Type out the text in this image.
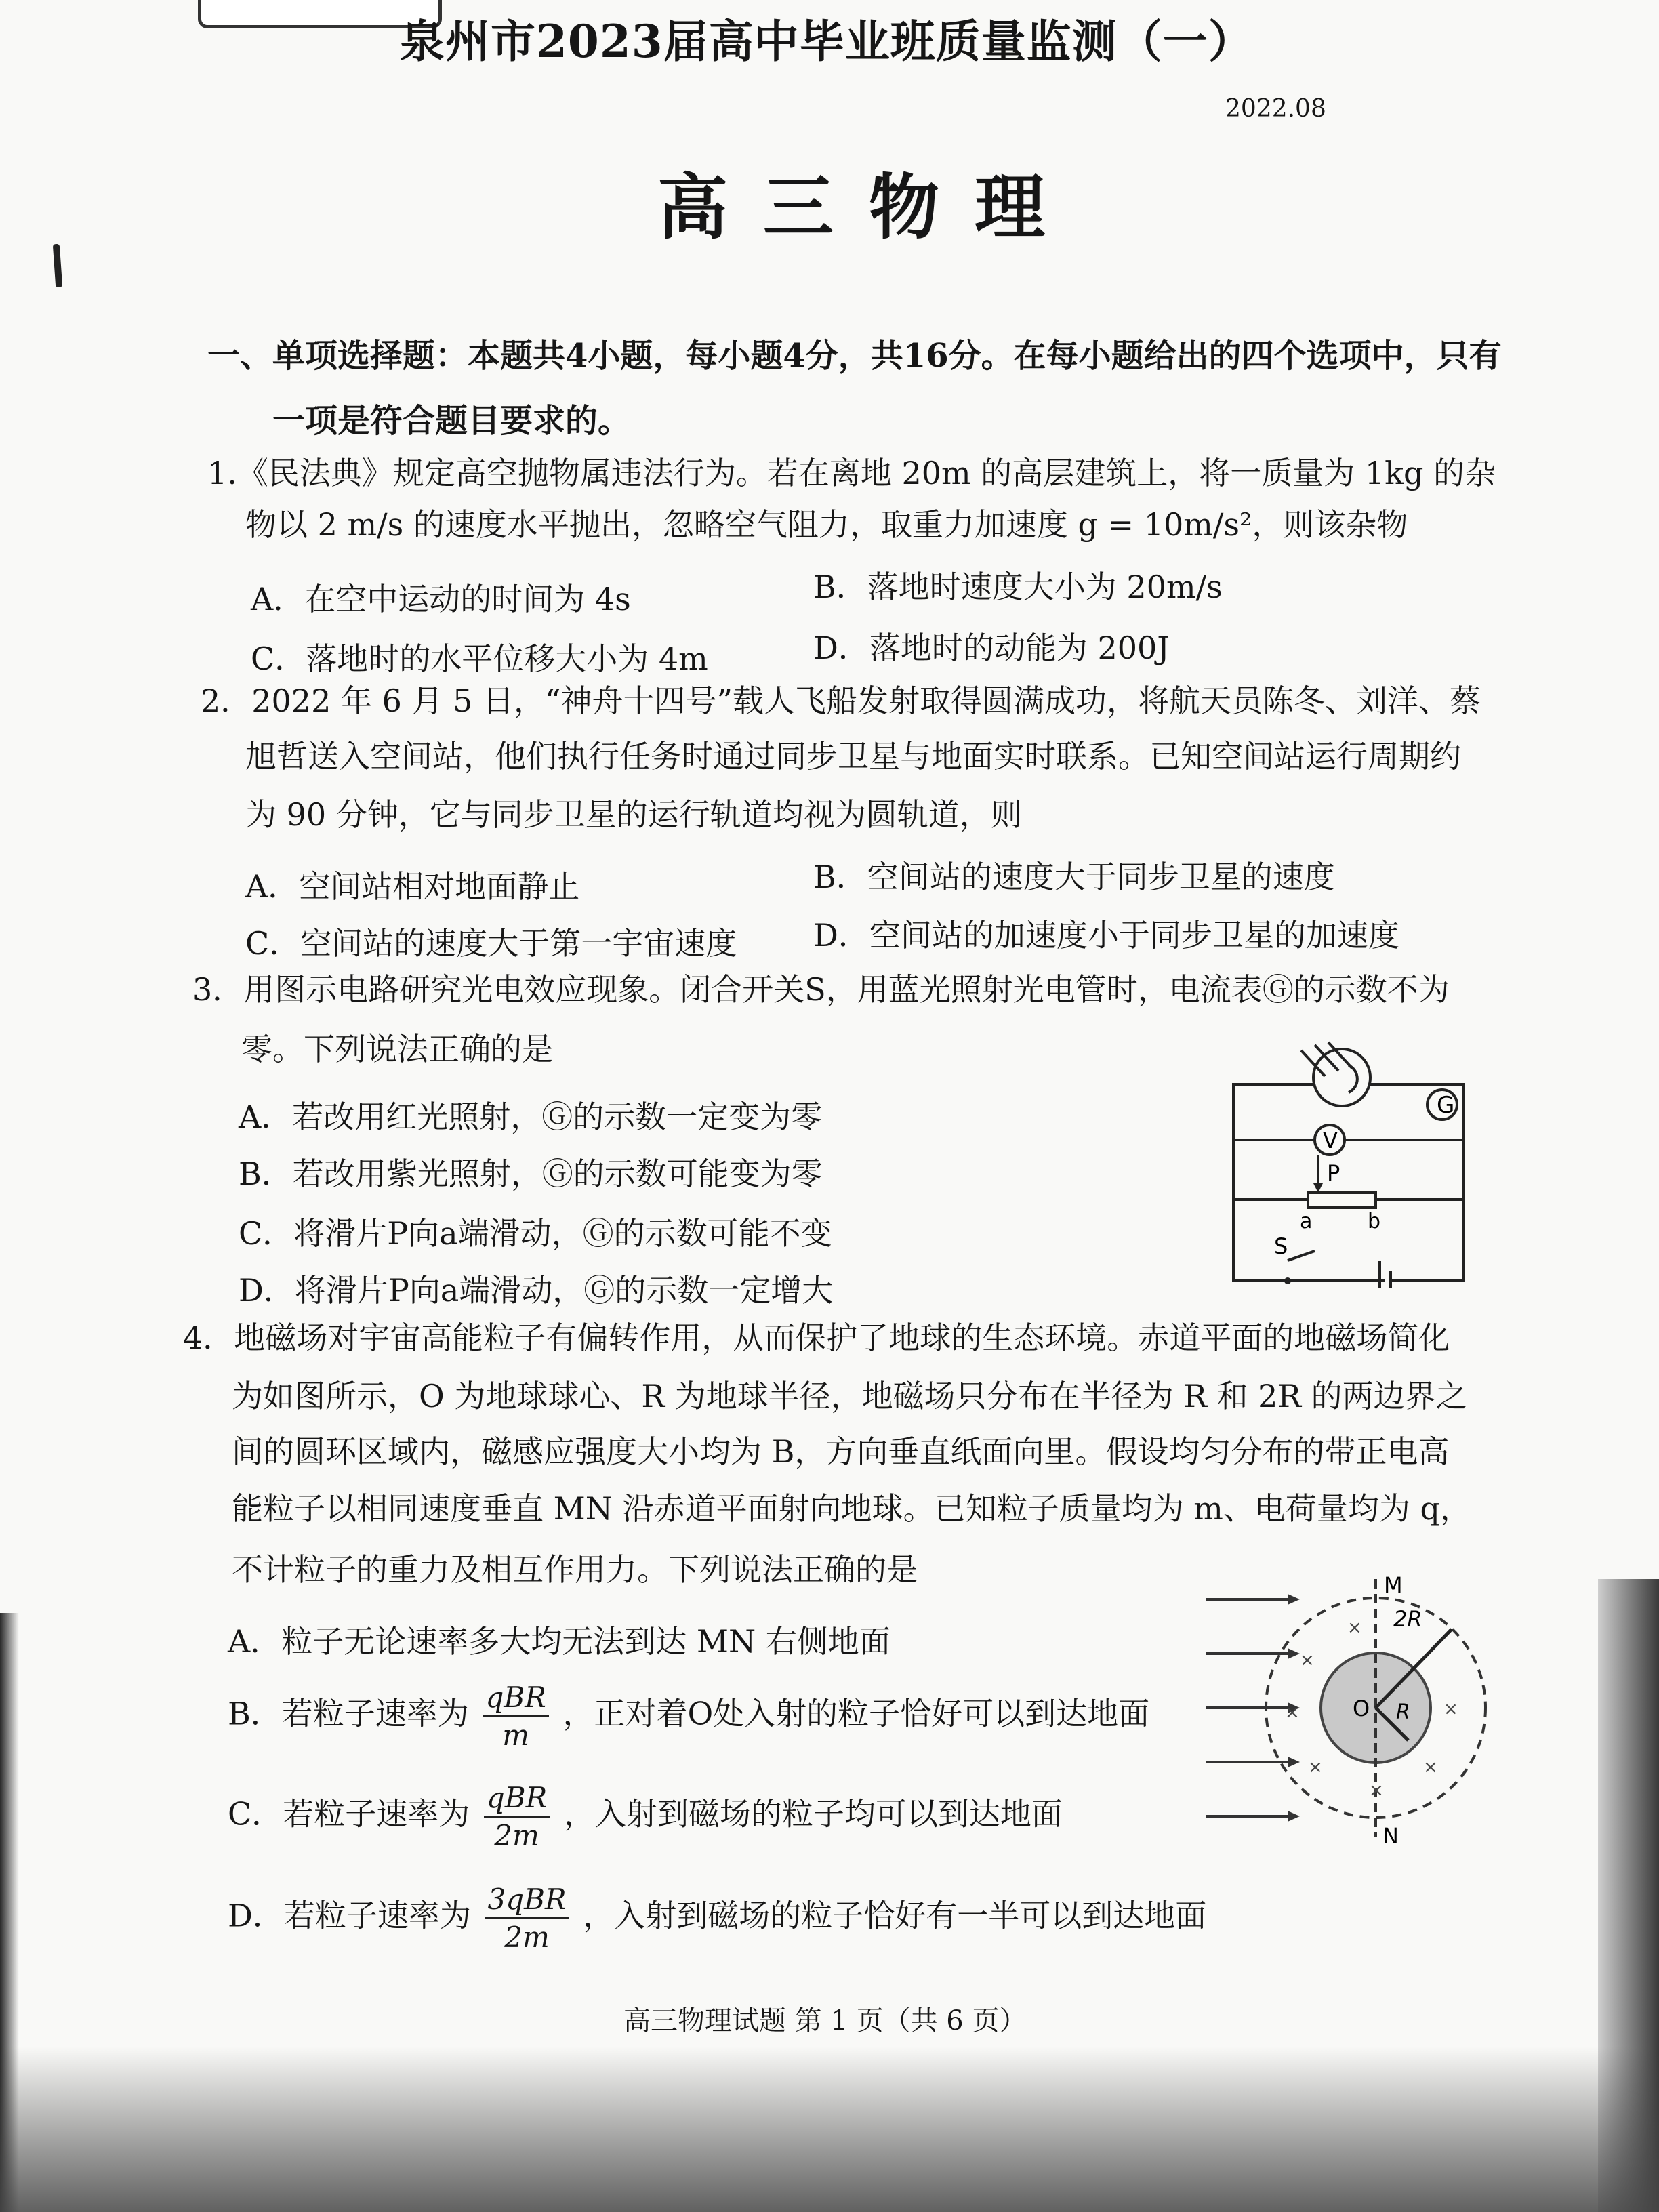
泉州市2023届高中毕业班质量监测（一）
2022.08
高三物理
一、单项选择题：本题共4小题，每小题4分，共16分。在每小题给出的四个选项中，只有
一项是符合题目要求的。
1.《民法典》规定高空抛物属违法行为。若在离地 20m 的高层建筑上，将一质量为 1kg 的杂
物以 2 m/s 的速度水平抛出，忽略空气阻力，取重力加速度 g = 10m/s²，则该杂物
A．在空中运动的时间为 4s	B．落地时速度大小为 20m/s
C．落地时的水平位移大小为 4m	D．落地时的动能为 200J
2．2022 年 6 月 5 日，“神舟十四号”载人飞船发射取得圆满成功，将航天员陈冬、刘洋、蔡
旭哲送入空间站，他们执行任务时通过同步卫星与地面实时联系。已知空间站运行周期约
为 90 分钟，它与同步卫星的运行轨道均视为圆轨道，则
A．空间站相对地面静止	B．空间站的速度大于同步卫星的速度
C．空间站的速度大于第一宇宙速度 D．空间站的加速度小于同步卫星的加速度
3．用图示电路研究光电效应现象。闭合开关S，用蓝光照射光电管时，电流表Ⓖ的示数不为
零。下列说法正确的是
A．若改用红光照射，Ⓖ的示数一定变为零
B．若改用紫光照射，Ⓖ的示数可能变为零
C．将滑片P向a端滑动，Ⓖ的示数可能不变
D．将滑片P向a端滑动，Ⓖ的示数一定增大
G
V
P
a	b
S
4．地磁场对宇宙高能粒子有偏转作用，从而保护了地球的生态环境。赤道平面的地磁场简化
为如图所示，O 为地球球心、R 为地球半径，地磁场只分布在半径为 R 和 2R 的两边界之
间的圆环区域内，磁感应强度大小均为 B，方向垂直纸面向里。假设均匀分布的带正电高
能粒子以相同速度垂直 MN 沿赤道平面射向地球。已知粒子质量均为 m、电荷量均为 q，
不计粒子的重力及相互作用力。下列说法正确的是
A．粒子无论速率多大均无法到达 MN 右侧地面
B．若粒子速率为 $\frac{\text{qBR}}{m}$ ，正对着O处入射的粒子恰好可以到达地面
C．若粒子速率为 $\frac{\text{qBR}}{2m}$ ，入射到磁场的粒子均可以到达地面
D．若粒子速率为 $\frac{\text{3qBR}}{2m}$ ，入射到磁场的粒子恰好有一半可以到达地面
×
×
×
×
×
×
×
M
N
O R
2R
高三物理试题 第 1 页（共 6 页）
